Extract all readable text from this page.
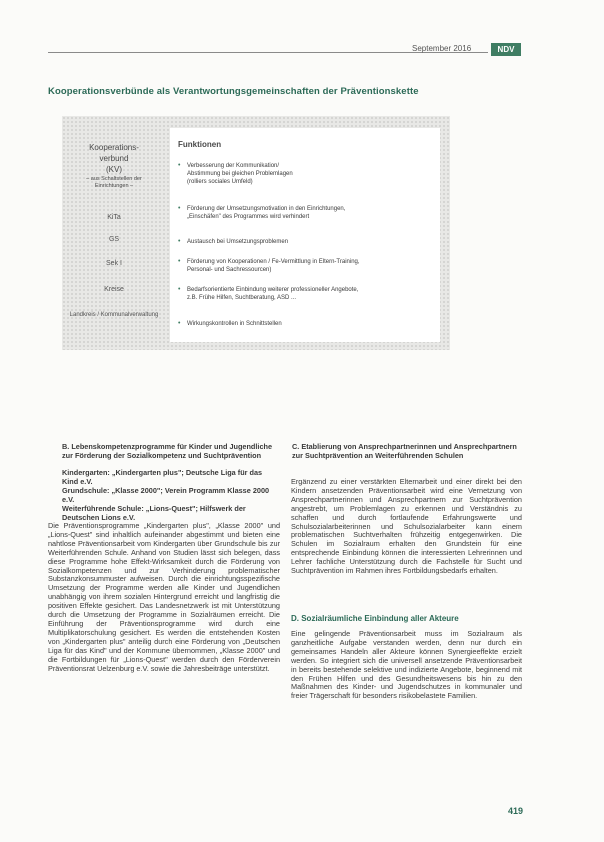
September 2016	NDV
Kooperationsverbünde als Verantwortungsgemeinschaften der Präventionskette
Kooperations-
verbund
(KV)
– aus Schaltstellen der
Einrichtungen –
KiTa
GS
Sek I
Kreise
Landkreis / Kommunalverwaltung
Funktionen
• Verbesserung der Kommunikation/
Abstimmung bei gleichen Problemlagen
(rolliers sociales Umfeld)
• Förderung der Umsetzungsmotivation in den Einrichtungen,
„Einschäfen" des Programmes wird verhindert
• Austausch bei Umsetzungsproblemen
• Förderung von Kooperationen / Fe-Vermittlung in Eltern-Training,
Personal- und Sachressourcen)
• Bedarfsorientierte Einbindung weiterer professioneller Angebote,
z.B. Frühe Hilfen, Suchtberatung, ASD ...
• Wirkungskontrollen in Schnittstellen
B. Lebenskompetenzprogramme für Kinder und Jugendliche zur Förderung der Sozialkompetenz und Suchtprävention
Kindergarten: „Kindergarten plus"; Deutsche Liga für das Kind e.V.
Grundschule: „Klasse 2000"; Verein Programm Klasse 2000 e.V.
Weiterführende Schule: „Lions-Quest"; Hilfswerk der Deutschen Lions e.V.
Die Präventionsprogramme „Kindergarten plus", „Klasse 2000" und „Lions-Quest" sind inhaltlich aufeinander abgestimmt und bieten eine nahtlose Präventionsarbeit vom Kindergarten über Grundschule bis zur Weiterführenden Schule. Anhand von Studien lässt sich belegen, dass diese Programme hohe Effekt-Wirksamkeit durch die Förderung von Sozialkompetenzen und zur Verhinderung problematischer Substanzkonsummuster aufweisen. Durch die einrichtungsspezifische Umsetzung der Programme werden alle Kinder und Jugendlichen unabhängig von ihrem sozialen Hintergrund erreicht und langfristig die positiven Effekte gesichert. Das Landesnetzwerk ist mit Unterstützung durch die Umsetzung der Programme in Sozialräumen erreicht. Die Einführung der Präventionsprogramme wird durch eine Multiplikatorschulung gesichert. Es werden die entstehenden Kosten von „Kindergarten plus" anteilig durch eine Förderung von „Deutschen Liga für das Kind" und der Kommune übernommen, „Klasse 2000" und die Fortbildungen für „Lions-Quest" werden durch den Förderverein Präventionsrat Uelzenburg e.V. sowie die Jahresbeiträge unterstützt.
C. Etablierung von Ansprechpartnerinnen und Ansprechpartnern zur Suchtprävention an Weiterführenden Schulen
Ergänzend zu einer verstärkten Elternarbeit und einer direkt bei den Kindern ansetzenden Präventionsarbeit wird eine Vernetzung von Ansprechpartnerinnen und Ansprechpartnern zur Suchtprävention angestrebt, um Problemlagen zu erkennen und Verständnis zu schaffen und durch fortlaufende Erfahrungswerte und Schulsozialarbeiterinnen und Schulsozialarbeiter kann einem problematischen Suchtverhalten frühzeitig entgegenwirken. Die Schulen im Sozialraum erhalten den Grundstein für eine entsprechende Einbindung können die interessierten Lehrerinnen und Lehrer fachliche Unterstützung durch die Fachstelle für Sucht und Suchtprävention im Rahmen ihres Fortbildungsbedarfs erhalten.
D. Sozialräumliche Einbindung aller Akteure
Eine gelingende Präventionsarbeit muss im Sozialraum als ganzheitliche Aufgabe verstanden werden, denn nur durch ein gemeinsames Handeln aller Akteure können Synergieeffekte erzielt werden. So integriert sich die universell ansetzende Präventionsarbeit in bereits bestehende selektive und indizierte Angebote, beginnend mit den Frühen Hilfen und des Gesundheitswesens bis hin zu den Maßnahmen des Kinder- und Jugendschutzes in kommunaler und freier Trägerschaft für besonders risikobelastete Familien.
419
